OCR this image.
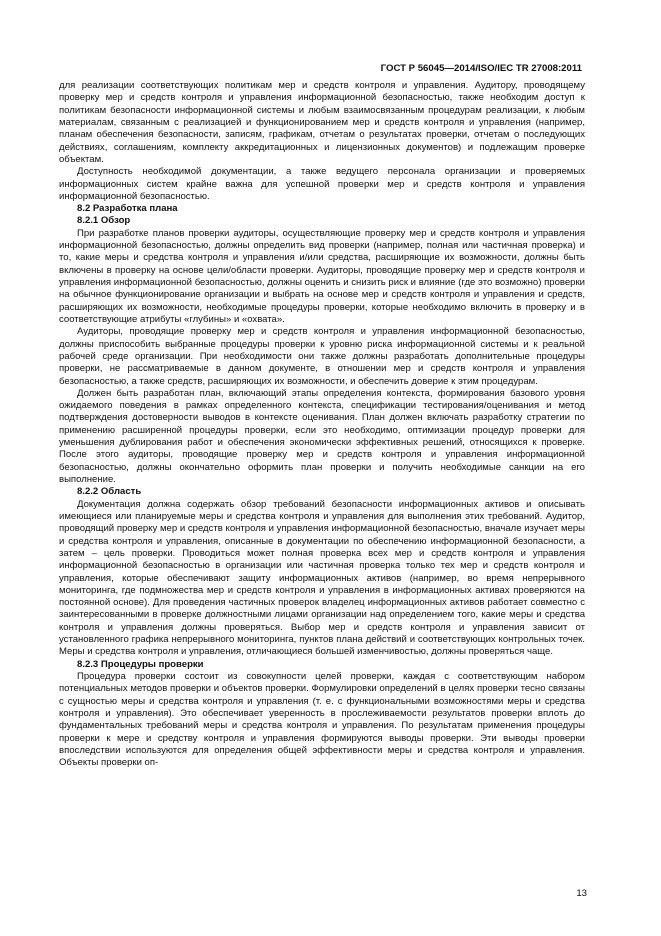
ГОСТ Р 56045—2014/ISO/IEC TR 27008:2011

для реализации соответствующих политикам мер и средств контроля и управления. Аудитору, проводящему проверку мер и средств контроля и управления информационной безопасностью, также необходим доступ к политикам безопасности информационной системы и любым взаимосвязанным процедурам реализации, к любым материалам, связанным с реализацией и функционированием мер и средств контроля и управления (например, планам обеспечения безопасности, записям, графикам, отчетам о результатах проверки, отчетам о последующих действиях, соглашениям, комплекту аккредитационных и лицензионных документов) и подлежащим проверке объектам.

Доступность необходимой документации, а также ведущего персонала организации и проверяемых информационных систем крайне важна для успешной проверки мер и средств контроля и управления информационной безопасностью.

8.2 Разработка плана
8.2.1 Обзор

При разработке планов проверки аудиторы, осуществляющие проверку мер и средств контроля и управления информационной безопасностью, должны определить вид проверки (например, полная или частичная проверка) и то, какие меры и средства контроля и управления и/или средства, расширяющие их возможности, должны быть включены в проверку на основе цели/области проверки. Аудиторы, проводящие проверку мер и средств контроля и управления информационной безопасностью, должны оценить и снизить риск и влияние (где это возможно) проверки на обычное функционирование организации и выбрать на основе мер и средств контроля и управления и средств, расширяющих их возможности, необходимые процедуры проверки, которые необходимо включить в проверку и в соответствующие атрибуты «глубины» и «охвата».

Аудиторы, проводящие проверку мер и средств контроля и управления информационной безопасностью, должны приспособить выбранные процедуры проверки к уровню риска информационной системы и к реальной рабочей среде организации. При необходимости они также должны разработать дополнительные процедуры проверки, не рассматриваемые в данном документе, в отношении мер и средств контроля и управления безопасностью, а также средств, расширяющих их возможности, и обеспечить доверие к этим процедурам.

Должен быть разработан план, включающий этапы определения контекста, формирования базового уровня ожидаемого поведения в рамках определенного контекста, спецификации тестирования/оценивания и метод подтверждения достоверности выводов в контексте оценивания. План должен включать разработку стратегии по применению расширенной процедуры проверки, если это необходимо, оптимизации процедур проверки для уменьшения дублирования работ и обеспечения экономически эффективных решений, относящихся к проверке. После этого аудиторы, проводящие проверку мер и средств контроля и управления информационной безопасностью, должны окончательно оформить план проверки и получить необходимые санкции на его выполнение.

8.2.2 Область

Документация должна содержать обзор требований безопасности информационных активов и описывать имеющиеся или планируемые меры и средства контроля и управления для выполнения этих требований. Аудитор, проводящий проверку мер и средств контроля и управления информационной безопасностью, вначале изучает меры и средства контроля и управления, описанные в документации по обеспечению информационной безопасности, а затем – цель проверки. Проводиться может полная проверка всех мер и средств контроля и управления информационной безопасностью в организации или частичная проверка только тех мер и средств контроля и управления, которые обеспечивают защиту информационных активов (например, во время непрерывного мониторинга, где подмножества мер и средств контроля и управления в информационных активах проверяются на постоянной основе). Для проведения частичных проверок владелец информационных активов работает совместно с заинтересованными в проверке должностными лицами организации над определением того, какие меры и средства контроля и управления должны проверяться. Выбор мер и средств контроля и управления зависит от установленного графика непрерывного мониторинга, пунктов плана действий и соответствующих контрольных точек. Меры и средства контроля и управления, отличающиеся большей изменчивостью, должны проверяться чаще.

8.2.3 Процедуры проверки

Процедура проверки состоит из совокупности целей проверки, каждая с соответствующим набором потенциальных методов проверки и объектов проверки. Формулировки определений в целях проверки тесно связаны с сущностью меры и средства контроля и управления (т. е. с функциональными возможностями меры и средства контроля и управления). Это обеспечивает уверенность в прослеживаемости результатов проверки вплоть до фундаментальных требований меры и средства контроля и управления. По результатам применения процедуры проверки к мере и средству контроля и управления формируются выводы проверки. Эти выводы проверки впоследствии используются для определения общей эффективности меры и средства контроля и управления. Объекты проверки оп-

13
